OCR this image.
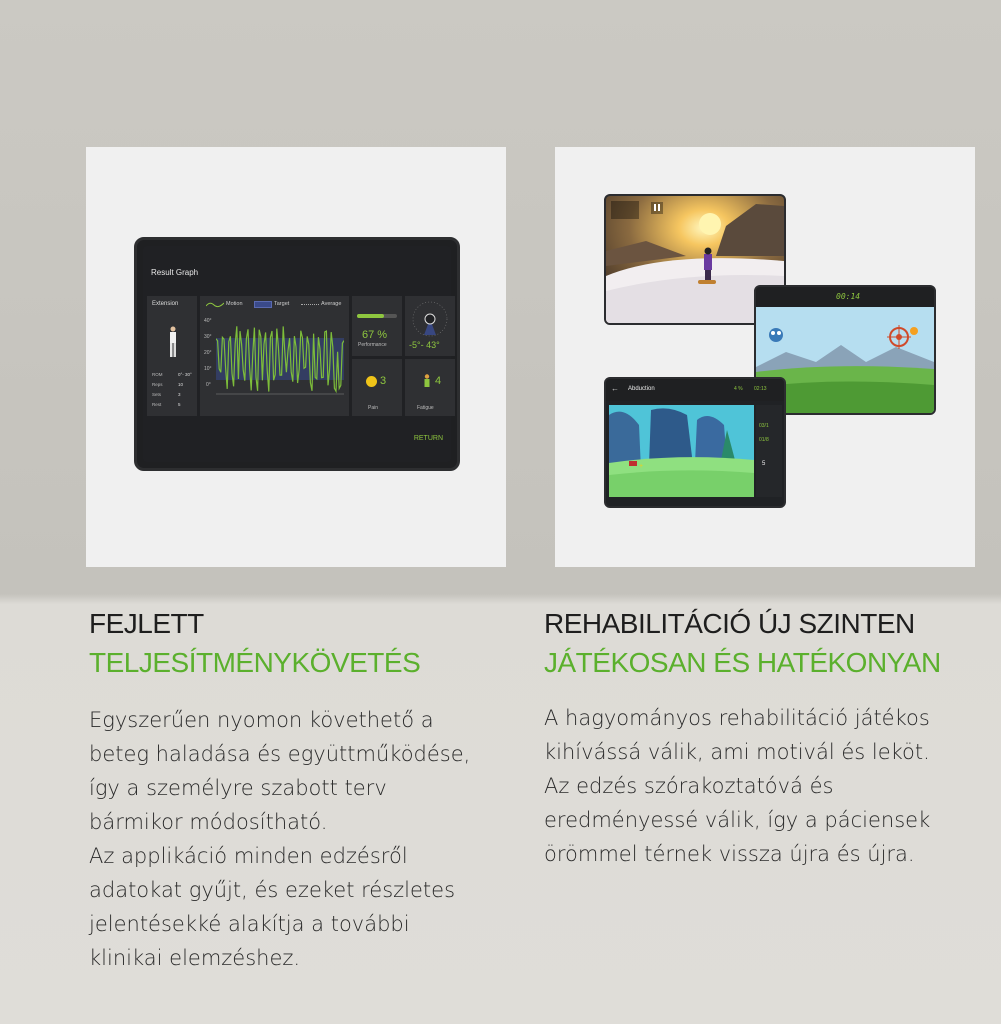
Result Graph
Extension
ROM	0°- 30°
Reps	10
Sets	3
Rest	5
Motion	Target	Average
40°
30°
20°
10°
0°
67 %
Performance -5°- 43°
3
Pain
4
Fatigue
RETURN
00:14
← Abduction	4 % 02:13
+
03/1
01/8
5
FEJLETT
TELJESÍTMÉNYKÖVETÉS
Egyszerűen nyomon követhető a
beteg haladása és együttműködése,
így a személyre szabott terv
bármikor módosítható.
Az applikáció minden edzésről
adatokat gyűjt, és ezeket részletes
jelentésekké alakítja a további
klinikai elemzéshez.
REHABILITÁCIÓ ÚJ SZINTEN
JÁTÉKOSAN ÉS HATÉKONYAN
A hagyományos rehabilitáció játékos
kihívássá válik, ami motivál és leköt.
Az edzés szórakoztatóvá és
eredményessé válik, így a páciensek
örömmel térnek vissza újra és újra.
